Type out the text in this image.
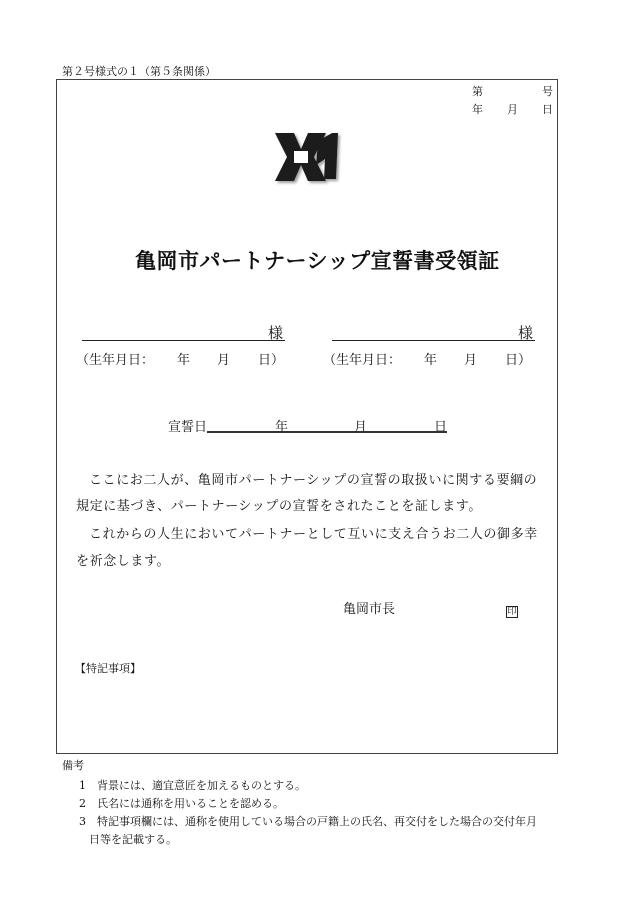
第２号様式の１（第５条関係）
第	号
年 月 日
亀岡市パートナーシップ宣誓書受領証
様	様
（生年月日： 年 月 日）	（生年月日： 年 月 日）
宣誓日	年	月	日
ここにお二人が、亀岡市パートナーシップの宣誓の取扱いに関する要綱の
規定に基づき、パートナーシップの宣誓をされたことを証します。
これからの人生においてパートナーとして互いに支え合うお二人の御多幸
を祈念します。
亀岡市長	印
【特記事項】
備考
1　背景には、適宜意匠を加えるものとする。
2　氏名には通称を用いることを認める。
3　特記事項欄には、通称を使用している場合の戸籍上の氏名、再交付をした場合の交付年月
日等を記載する。
